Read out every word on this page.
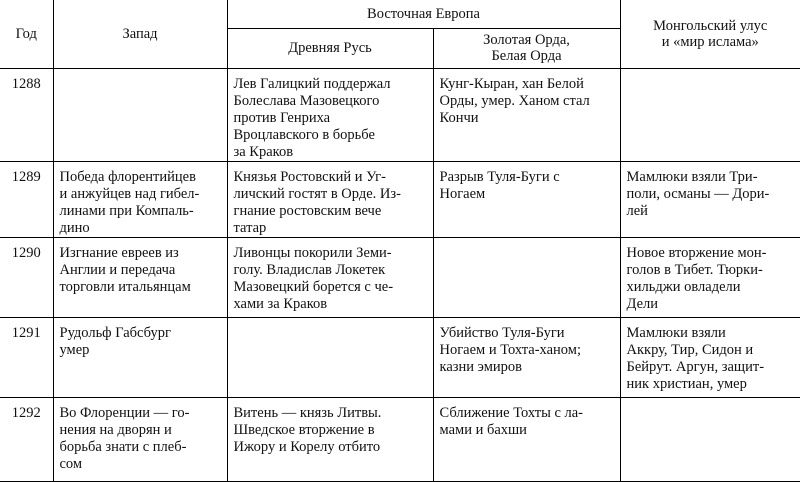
Год	Запад	Восточная Европа		Монгольский улус
и «мир ислама»

		Древняя Русь	Золотая Орда,
Белая Орда	

1288		Лев Галицкий поддержал
Болеслава Мазовецкого
против Генриха
Вроцлавского в борьбе
за Краков	Кунг-Кыран, хан Белой
Орды, умер. Ханом стал
Кончи	

1289	Победа флорентийцев
и анжуйцев над гибел-
линами при Компаль-
дино	Князья Ростовский и Уг-
личский гостят в Орде. Из-
гнание ростовским вече
татар	Разрыв Туля-Буги с
Ногаем	Мамлюки взяли Три-
поли, османы — Дори-
лей

1290	Изгнание евреев из
Англии и передача
торговли итальянцам	Ливонцы покорили Земи-
голу. Владислав Локетек
Мазовецкий борется с че-
хами за Краков		Новое вторжение мон-
голов в Тибет. Тюрки-
хильджи овладели
Дели

1291	Рудольф Габсбург
умер		Убийство Туля-Буги
Ногаем и Тохта-ханом;
казни эмиров	Мамлюки взяли
Аккру, Тир, Сидон и
Бейрут. Аргун, защит-
ник христиан, умер

1292	Во Флоренции — го-
нения на дворян и
борьба знати с плеб-
сом	Витень — князь Литвы.
Шведское вторжение в
Ижору и Корелу отбито	Сближение Тохты с ла-
мами и бахши	
